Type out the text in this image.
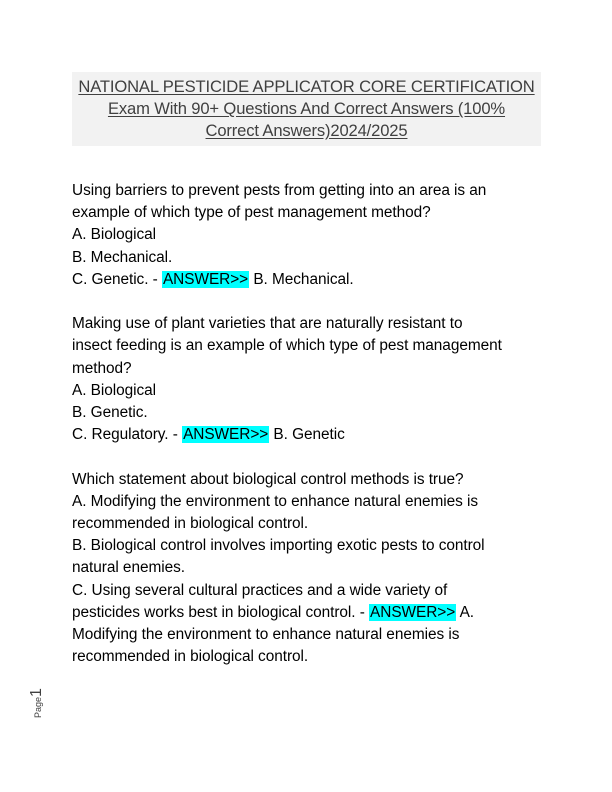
NATIONAL PESTICIDE APPLICATOR CORE CERTIFICATION
Exam With 90+ Questions And Correct Answers (100%
Correct Answers)2024/2025
Using barriers to prevent pests from getting into an area is an
example of which type of pest management method?
A. Biological
B. Mechanical.
C. Genetic. - ANSWER>> B. Mechanical.
Making use of plant varieties that are naturally resistant to
insect feeding is an example of which type of pest management
method?
A. Biological
B. Genetic.
C. Regulatory. - ANSWER>> B. Genetic
Which statement about biological control methods is true?
A. Modifying the environment to enhance natural enemies is
recommended in biological control.
B. Biological control involves importing exotic pests to control
natural enemies.
C. Using several cultural practices and a wide variety of
pesticides works best in biological control. - ANSWER>> A.
Modifying the environment to enhance natural enemies is
recommended in biological control.
Page1
